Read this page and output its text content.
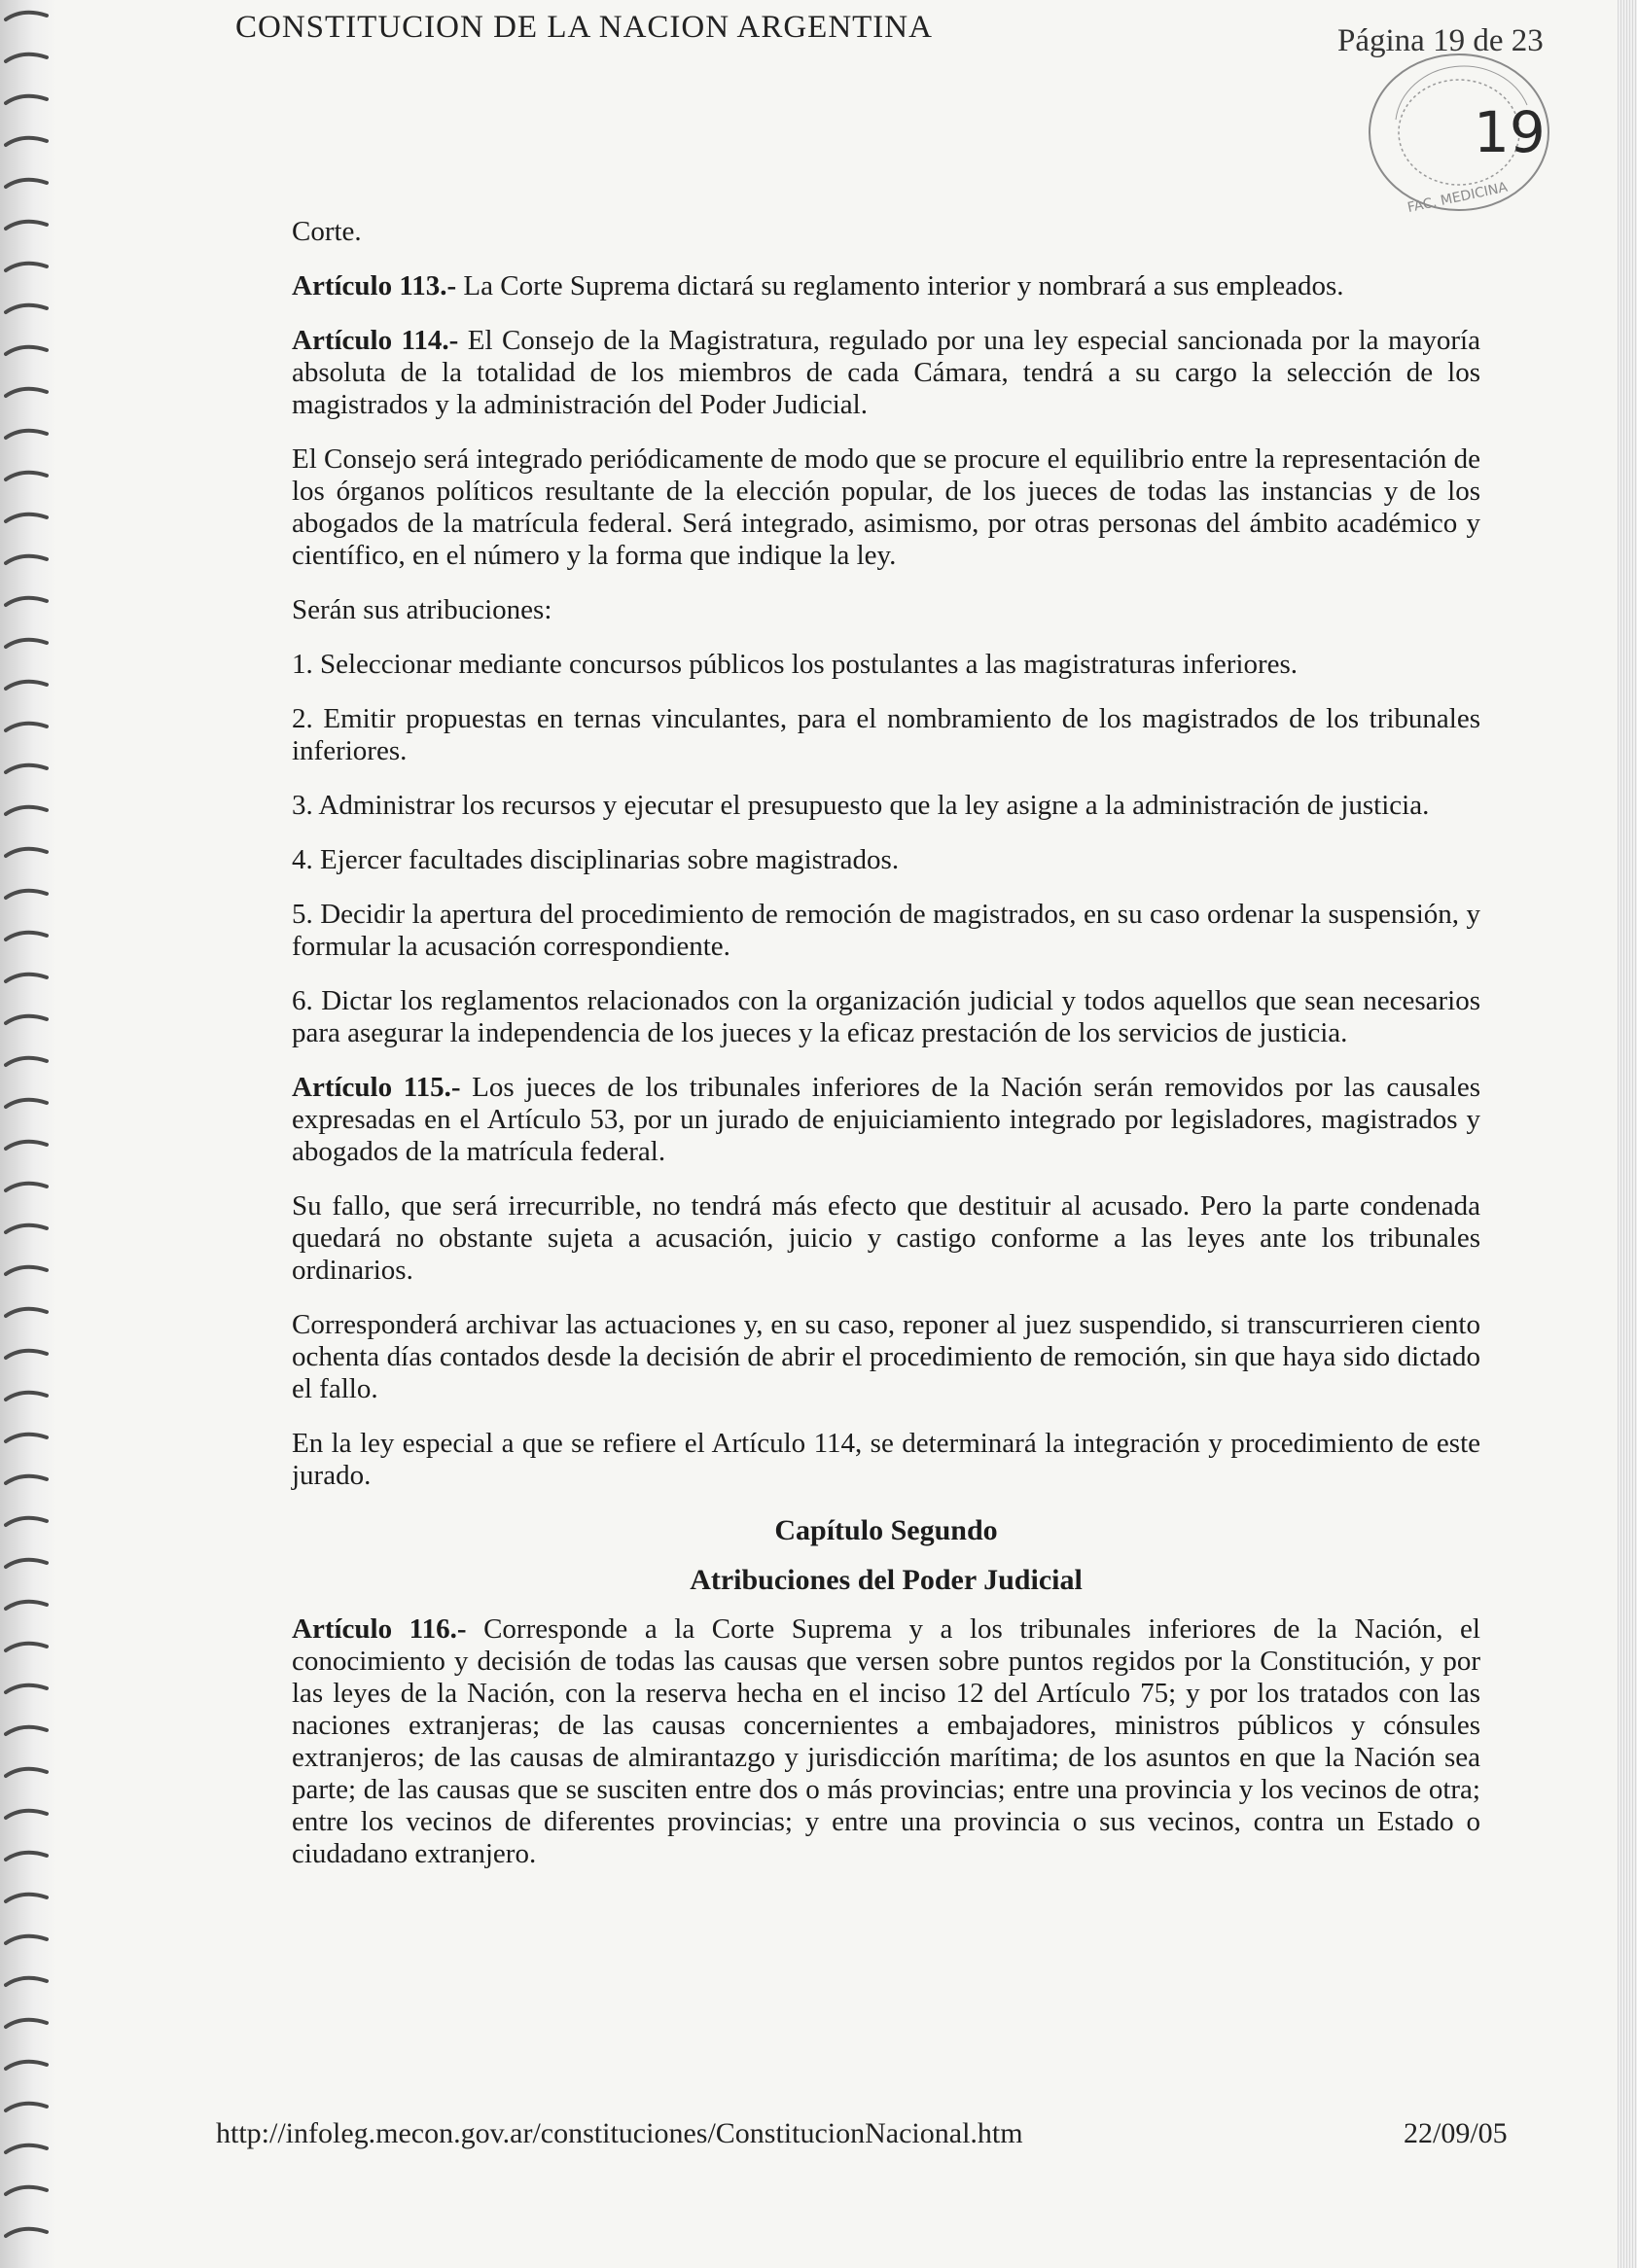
CONSTITUCION DE LA NACION ARGENTINA	Página 19 de 23
19
FAC. MEDICINA

Corte.

Artículo 113.- La Corte Suprema dictará su reglamento interior y nombrará a sus empleados.

Artículo 114.- El Consejo de la Magistratura, regulado por una ley especial sancionada por la mayoría absoluta de la totalidad de los miembros de cada Cámara, tendrá a su cargo la selección de los magistrados y la administración del Poder Judicial.

El Consejo será integrado periódicamente de modo que se procure el equilibrio entre la representación de los órganos políticos resultante de la elección popular, de los jueces de todas las instancias y de los abogados de la matrícula federal. Será integrado, asimismo, por otras personas del ámbito académico y científico, en el número y la forma que indique la ley.

Serán sus atribuciones:

1. Seleccionar mediante concursos públicos los postulantes a las magistraturas inferiores.

2. Emitir propuestas en ternas vinculantes, para el nombramiento de los magistrados de los tribunales inferiores.

3. Administrar los recursos y ejecutar el presupuesto que la ley asigne a la administración de justicia.

4. Ejercer facultades disciplinarias sobre magistrados.

5. Decidir la apertura del procedimiento de remoción de magistrados, en su caso ordenar la suspensión, y formular la acusación correspondiente.

6. Dictar los reglamentos relacionados con la organización judicial y todos aquellos que sean necesarios para asegurar la independencia de los jueces y la eficaz prestación de los servicios de justicia.

Artículo 115.- Los jueces de los tribunales inferiores de la Nación serán removidos por las causales expresadas en el Artículo 53, por un jurado de enjuiciamiento integrado por legisladores, magistrados y abogados de la matrícula federal.

Su fallo, que será irrecurrible, no tendrá más efecto que destituir al acusado. Pero la parte condenada quedará no obstante sujeta a acusación, juicio y castigo conforme a las leyes ante los tribunales ordinarios.

Corresponderá archivar las actuaciones y, en su caso, reponer al juez suspendido, si transcurrieren ciento ochenta días contados desde la decisión de abrir el procedimiento de remoción, sin que haya sido dictado el fallo.

En la ley especial a que se refiere el Artículo 114, se determinará la integración y procedimiento de este jurado.

Capítulo Segundo
Atribuciones del Poder Judicial

Artículo 116.- Corresponde a la Corte Suprema y a los tribunales inferiores de la Nación, el conocimiento y decisión de todas las causas que versen sobre puntos regidos por la Constitución, y por las leyes de la Nación, con la reserva hecha en el inciso 12 del Artículo 75; y por los tratados con las naciones extranjeras; de las causas concernientes a embajadores, ministros públicos y cónsules extranjeros; de las causas de almirantazgo y jurisdicción marítima; de los asuntos en que la Nación sea parte; de las causas que se susciten entre dos o más provincias; entre una provincia y los vecinos de otra; entre los vecinos de diferentes provincias; y entre una provincia o sus vecinos, contra un Estado o ciudadano extranjero.

http://infoleg.mecon.gov.ar/constituciones/ConstitucionNacional.htm	22/09/05
